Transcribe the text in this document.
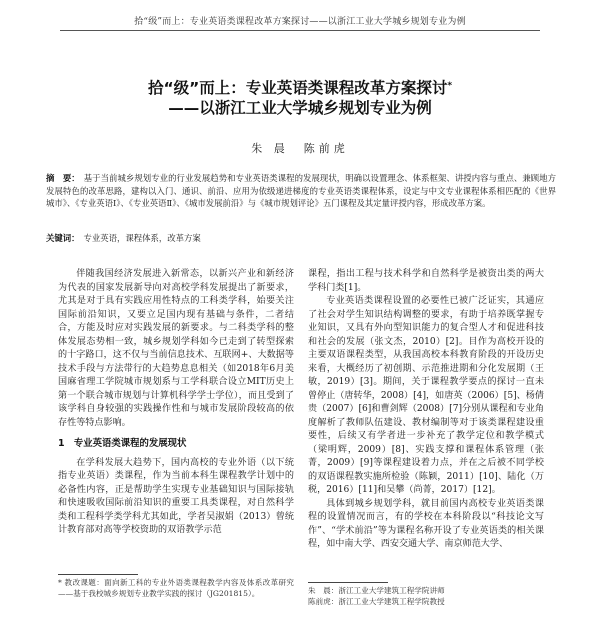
拾“级”而上：专业英语类课程改革方案探讨——以浙江工业大学城乡规划专业为例
拾“级”而上：专业英语类课程改革方案探讨*
——以浙江工业大学城乡规划专业为例
朱 晨　陈前虎
摘　要： 基于当前城乡规划专业的行业发展趋势和专业英语类课程的发展现状，明确以设置理念、体系框架、讲授内容与重点、兼顾地方发展特色的改革思路，建构以入门、通识、前沿、应用为依级递进梯度的专业英语类课程体系，设定与中文专业课程体系相匹配的《世界城市》、《专业英语Ⅰ》、《专业英语Ⅱ》、《城市发展前沿》与《城市规划评论》五门课程及其定量评授内容，形成改革方案。
关键词： 专业英语，课程体系，改革方案

伴随我国经济发展进入新常态，以新兴产业和新经济为代表的国家发展新导向对高校学科发展提出了新要求，尤其是对于具有实践应用性特点的工科类学科，始要关注国际前沿知识，又要立足国内现有基础与条件，二者结合，方能及时应对实践发展的新要求。与二科类学科的整体发展态势相一致，城乡规划学科如今已走到了转型探索的十字路口，这不仅与当前信息技术、互联网+、大数据等技术手段与方法带行的大趋势息息相关（如2018年6月美国麻省理工学院城市规划系与工学科联合设立MIT历史上第一个联合城市规划与计算机科学学士学位），而且受到了该学科自身较强的实践操作性和与城市发展阶段较高的依存性等特点影响。

1　专业英语类课程的发展现状

在学科发展大趋势下，国内高校的专业外语（以下统指专业英语）类课程，作为当前本科生课程教学计划中的必备性内容，正是帮助学生实现专业基础知识与国际接轨和快速吸收国际前沿知识的重要工具类课程，对自然科学类和工程科学类学科尤其如此，学者吴淑娟（2013）曾统计教育部对高等学校资助的双语教学示范

课程，指出工程与技术科学和自然科学是被资出类的两大学科门类[1]。

专业英语类课程设置的必要性已被广泛证实，其通应了社会对学生知识结构调整的要求，有助于培养既掌握专业知识，又具有外向型知识能力的复合型人才和促进科技和社会的发展（张文杰，2010）[2]。目作为高校开设的主要双语课程类型，从我国高校本科教育阶段的开设历史来看，大概经历了初创期、示范推进期和分化发展期（王敏，2019）[3]。期间，关于课程教学要点的探讨一直未曾停止（唐转华，2008）[4]，如唐英（2006）[5]、杨倩贵（2007）[6]和曹剑辉（2008）[7]分别从课程和专业角度解析了教师队伍建设、教材编制等对于该类课程建设重要性，后续又有学者进一步补充了教学定位和教学模式（梁明辉，2009）[8]、实践支撑和课程体系管理（张菁，2009）[9]等课程建设着力点，并在之后被不同学校的双语课程教实施所检验（陈颖，2011）[10]、陆化（万税，2016）[11]和吴攀（尚菁，2017）[12]。

具体到城乡规划学科，就目前国内高校专业英语类课程的设置情况而言，有的学校在本科阶段以“科技论文写作”、“学术前沿”等为课程名称开设了专业英语类的相关课程，如中南大学、西安交通大学、南京师范大学、

* 教改课题：面向新工科的专业外语类课程教学内容及体系改革研究——基于我校城乡规划专业教学实践的探讨（JG201815）。	朱　晨：浙江工业大学建筑工程学院讲师
陈前虎：浙江工业大学建筑工程学院教授
